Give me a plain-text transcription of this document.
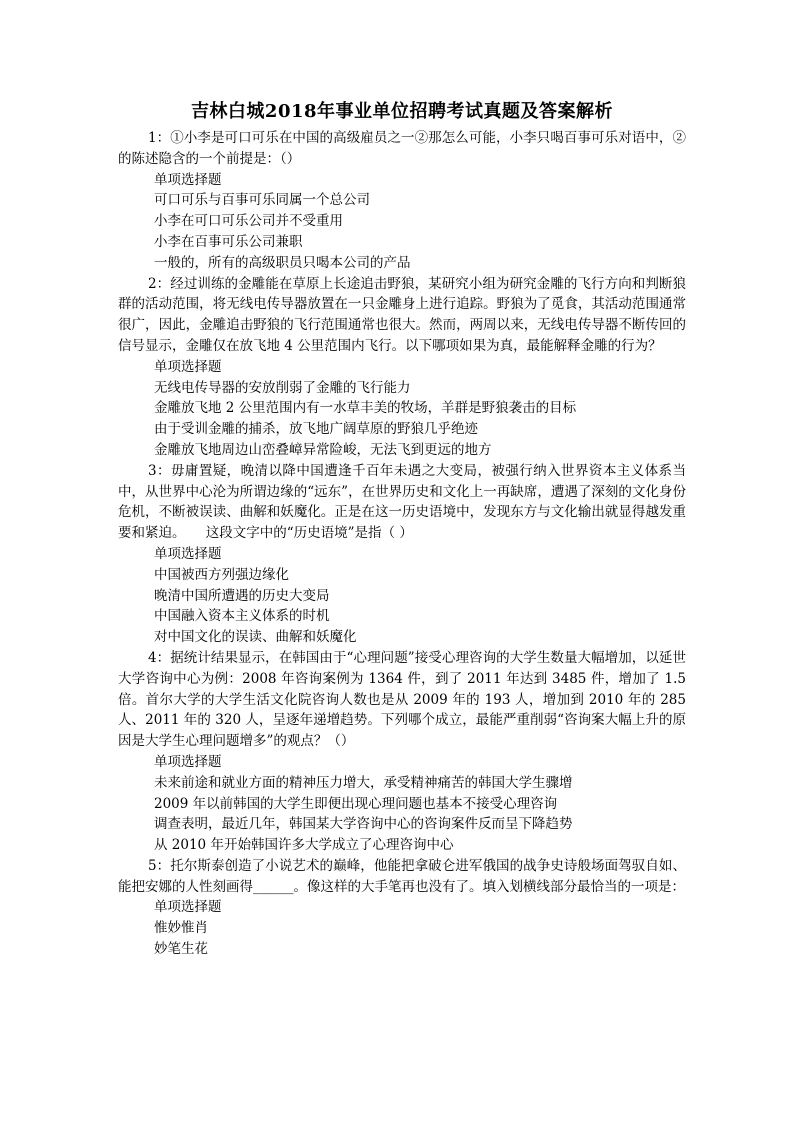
吉林白城2018年事业单位招聘考试真题及答案解析

1：①小李是可口可乐在中国的高级雇员之一②那怎么可能，小李只喝百事可乐对语中，②的陈述隐含的一个前提是：（）

单项选择题
可口可乐与百事可乐同属一个总公司
小李在可口可乐公司并不受重用
小李在百事可乐公司兼职
一般的，所有的高级职员只喝本公司的产品

2：经过训练的金雕能在草原上长途追击野狼，某研究小组为研究金雕的飞行方向和判断狼群的活动范围，将无线电传导器放置在一只金雕身上进行追踪。野狼为了觅食，其活动范围通常很广，因此，金雕追击野狼的飞行范围通常也很大。然而，两周以来，无线电传导器不断传回的信号显示，金雕仅在放飞地 4 公里范围内飞行。以下哪项如果为真，最能解释金雕的行为？

单项选择题
无线电传导器的安放削弱了金雕的飞行能力
金雕放飞地 2 公里范围内有一水草丰美的牧场，羊群是野狼袭击的目标
由于受训金雕的捕杀，放飞地广阔草原的野狼几乎绝迹
金雕放飞地周边山峦叠嶂异常险峻，无法飞到更远的地方

3：毋庸置疑，晚清以降中国遭逢千百年未遇之大变局，被强行纳入世界资本主义体系当中，从世界中心沦为所谓边缘的“远东”，在世界历史和文化上一再缺席，遭遇了深刻的文化身份危机，不断被误读、曲解和妖魔化。正是在这一历史语境中，发现东方与文化输出就显得越发重要和紧迫。　　这段文字中的“历史语境”是指（ ）

单项选择题
中国被西方列强边缘化
晚清中国所遭遇的历史大变局
中国融入资本主义体系的时机
对中国文化的误读、曲解和妖魔化

4：据统计结果显示，在韩国由于“心理问题”接受心理咨询的大学生数量大幅增加，以延世大学咨询中心为例：2008 年咨询案例为 1364 件，到了 2011 年达到 3485 件，增加了 1.5 倍。首尔大学的大学生活文化院咨询人数也是从 2009 年的 193 人，增加到 2010 年的 285 人、2011 年的 320 人，呈逐年递增趋势。下列哪个成立，最能严重削弱“咨询案大幅上升的原因是大学生心理问题增多”的观点？（）

单项选择题
未来前途和就业方面的精神压力增大，承受精神痛苦的韩国大学生骤增
2009 年以前韩国的大学生即便出现心理问题也基本不接受心理咨询
调查表明，最近几年，韩国某大学咨询中心的咨询案件反而呈下降趋势
从 2010 年开始韩国许多大学成立了心理咨询中心

5：托尔斯泰创造了小说艺术的巅峰，他能把拿破仑进军俄国的战争史诗般场面驾驭自如、能把安娜的人性刻画得______。像这样的大手笔再也没有了。填入划横线部分最恰当的一项是：

单项选择题
惟妙惟肖
妙笔生花
